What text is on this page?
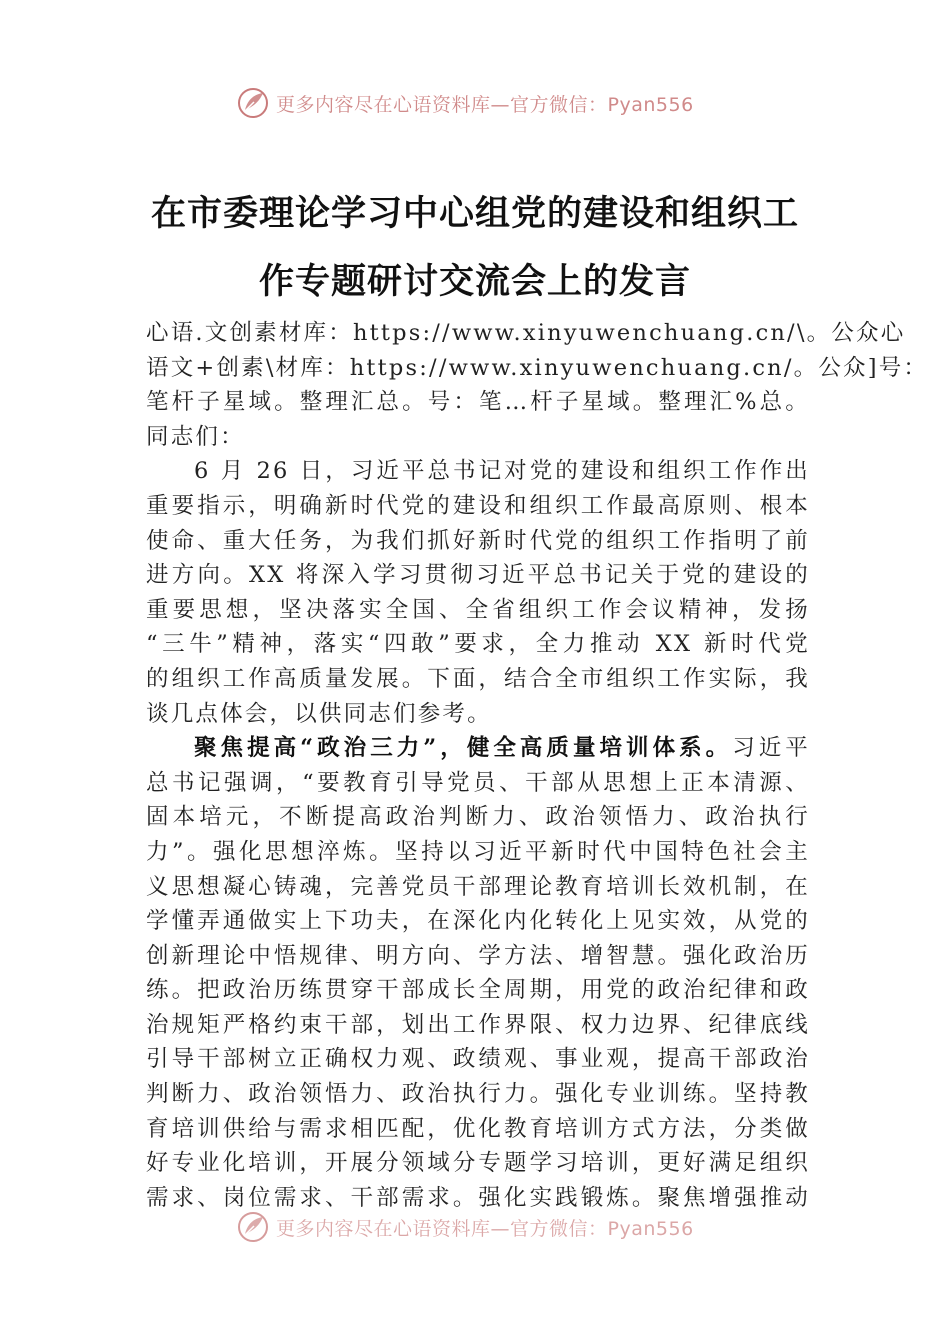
更多内容尽在心语资料库—官方微信：Pyan556
在市委理论学习中心组党的建设和组织工
作专题研讨交流会上的发言
心语.文创素材库：https://www.xinyuwenchuang.cn/\。公众心
语文+创素\材库：https://www.xinyuwenchuang.cn/。公众]号：
笔杆子星域。整理汇总。号：笔…杆子星域。整理汇%总。
同志们：
6 月 26 日，习近平总书记对党的建设和组织工作作出
重要指示，明确新时代党的建设和组织工作最高原则、根本
使命、重大任务，为我们抓好新时代党的组织工作指明了前
进方向。XX 将深入学习贯彻习近平总书记关于党的建设的
重要思想，坚决落实全国、全省组织工作会议精神，发扬
“三牛”精神，落实“四敢”要求，全力推动 XX 新时代党
的组织工作高质量发展。下面，结合全市组织工作实际，我
谈几点体会，以供同志们参考。
聚焦提高“政治三力”，健全高质量培训体系。习近平
总书记强调，“要教育引导党员、干部从思想上正本清源、
固本培元，不断提高政治判断力、政治领悟力、政治执行
力”。强化思想淬炼。坚持以习近平新时代中国特色社会主
义思想凝心铸魂，完善党员干部理论教育培训长效机制，在
学懂弄通做实上下功夫，在深化内化转化上见实效，从党的
创新理论中悟规律、明方向、学方法、增智慧。强化政治历
练。把政治历练贯穿干部成长全周期，用党的政治纪律和政
治规矩严格约束干部，划出工作界限、权力边界、纪律底线
引导干部树立正确权力观、政绩观、事业观，提高干部政治
判断力、政治领悟力、政治执行力。强化专业训练。坚持教
育培训供给与需求相匹配，优化教育培训方式方法，分类做
好专业化培训，开展分领域分专题学习培训，更好满足组织
需求、岗位需求、干部需求。强化实践锻炼。聚焦增强推动
更多内容尽在心语资料库—官方微信：Pyan556
